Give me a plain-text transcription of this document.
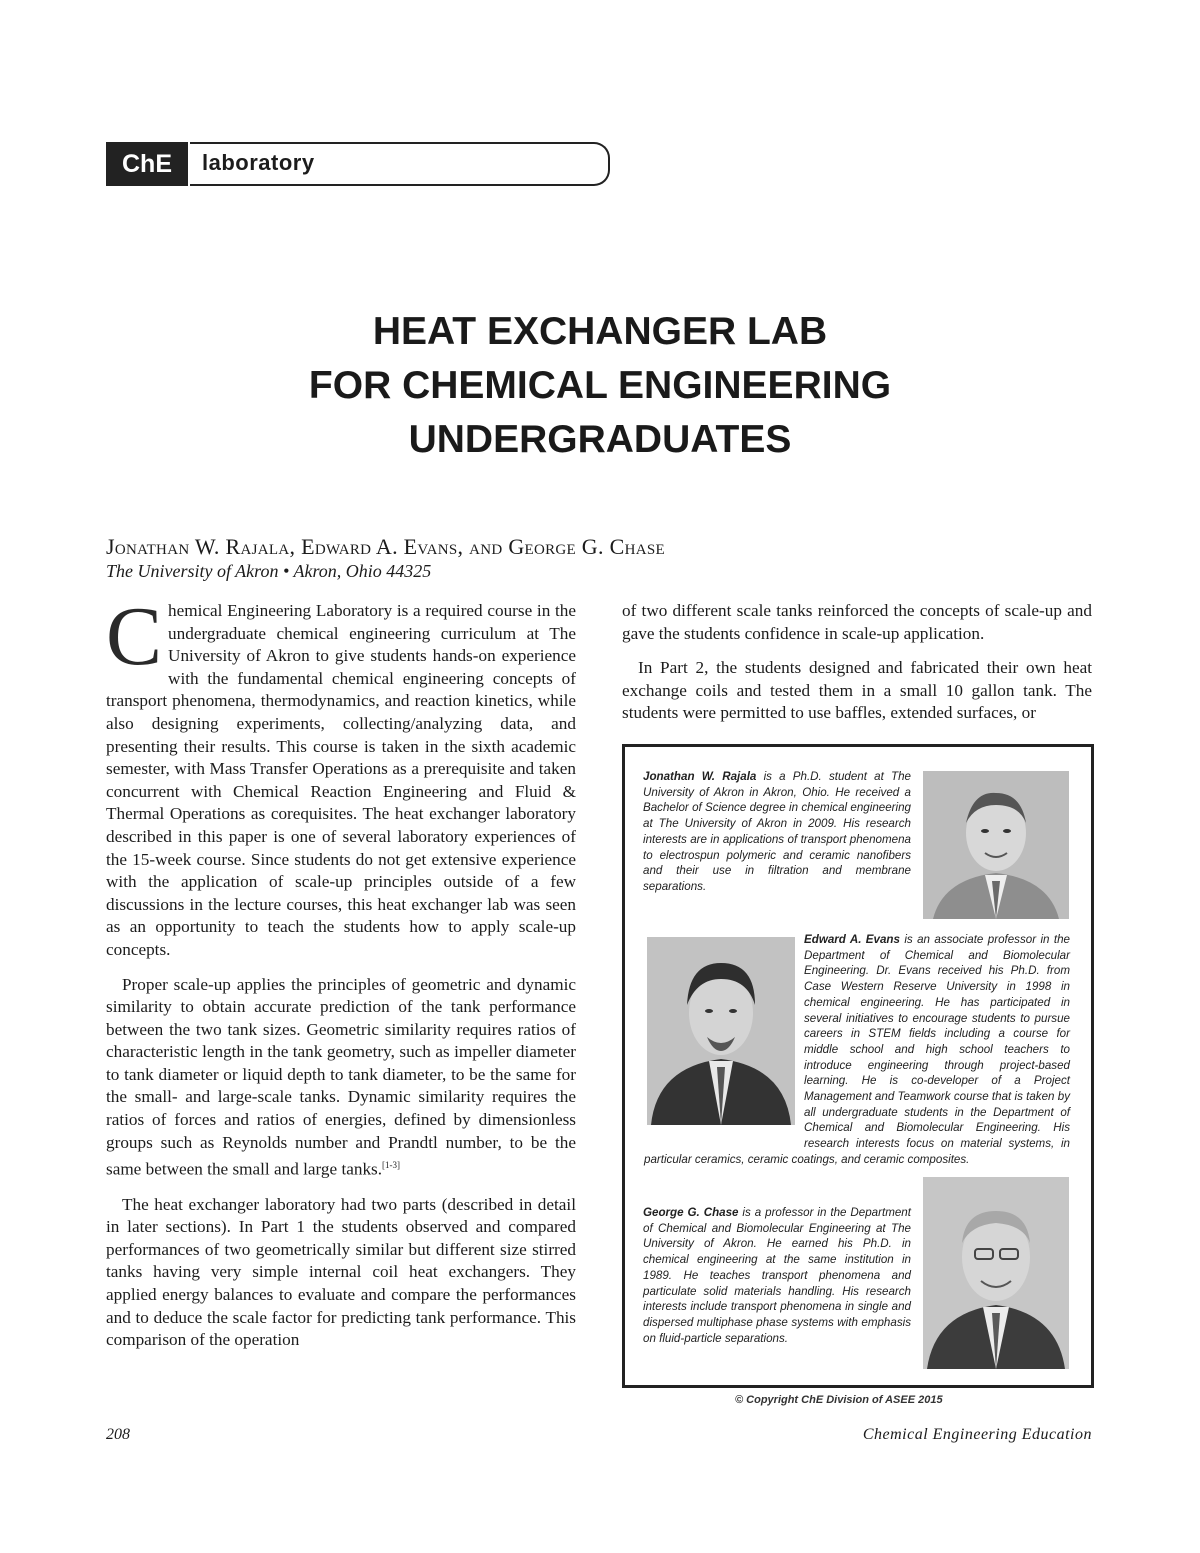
ChE	laboratory
HEAT EXCHANGER LAB
FOR CHEMICAL ENGINEERING
UNDERGRADUATES
Jonathan W. Rajala, Edward A. Evans, and George G. Chase
The University of Akron • Akron, Ohio 44325

Chemical Engineering Laboratory is a required course in the undergraduate chemical engineering curriculum at The University of Akron to give students hands-on experience with the fundamental chemical engineering concepts of transport phenomena, thermodynamics, and reaction kinetics, while also designing experiments, collecting/analyzing data, and presenting their results. This course is taken in the sixth academic semester, with Mass Transfer Operations as a prerequisite and taken concurrent with Chemical Reaction Engineering and Fluid & Thermal Operations as corequisites. The heat exchanger laboratory described in this paper is one of several laboratory experiences of the 15-week course. Since students do not get extensive experience with the application of scale-up principles outside of a few discussions in the lecture courses, this heat exchanger lab was seen as an opportunity to teach the students how to apply scale-up concepts.

Proper scale-up applies the principles of geometric and dynamic similarity to obtain accurate prediction of the tank performance between the two tank sizes. Geometric similarity requires ratios of characteristic length in the tank geometry, such as impeller diameter to tank diameter or liquid depth to tank diameter, to be the same for the small- and large-scale tanks. Dynamic similarity requires the ratios of forces and ratios of energies, defined by dimensionless groups such as Reynolds number and Prandtl number, to be the same between the small and large tanks.[1-3]

The heat exchanger laboratory had two parts (described in detail in later sections). In Part 1 the students observed and compared performances of two geometrically similar but different size stirred tanks having very simple internal coil heat exchangers. They applied energy balances to evaluate and compare the performances and to deduce the scale factor for predicting tank performance. This comparison of the operation

of two different scale tanks reinforced the concepts of scale-up and gave the students confidence in scale-up application.

In Part 2, the students designed and fabricated their own heat exchange coils and tested them in a small 10 gallon tank. The students were permitted to use baffles, extended surfaces, or

Jonathan W. Rajala is a Ph.D. student at The University of Akron in Akron, Ohio. He received a Bachelor of Science degree in chemical engineering at The University of Akron in 2009. His research interests are in applications of transport phenomena to electrospun polymeric and ceramic nanofibers and their use in filtration and membrane separations.
George G. Chase is a professor in the Department of Chemical and Biomolecular Engineering at The University of Akron. He earned his Ph.D. in chemical engineering at the same institution in 1989. He teaches transport phenomena and particulate solid materials handling. His research interests include transport phenomena in single and dispersed multiphase phase systems with emphasis on fluid-particle separations.
Edward A. Evans is an associate professor in the Department of Chemical and Biomolecular Engineering. Dr. Evans received his Ph.D. from Case Western Reserve University in 1998 in chemical engineering. He has participated in several initiatives to encourage students to pursue careers in STEM fields including a course for middle school and high school teachers to introduce engineering through project-based learning. He is co-developer of a Project Management and Teamwork course that is taken by all undergraduate students in the Department of Chemical and Biomolecular Engineering. His research interests focus on material systems, in particular ceramics, ceramic coatings, and ceramic composites.
© Copyright ChE Division of ASEE 2015
208	Chemical Engineering Education
